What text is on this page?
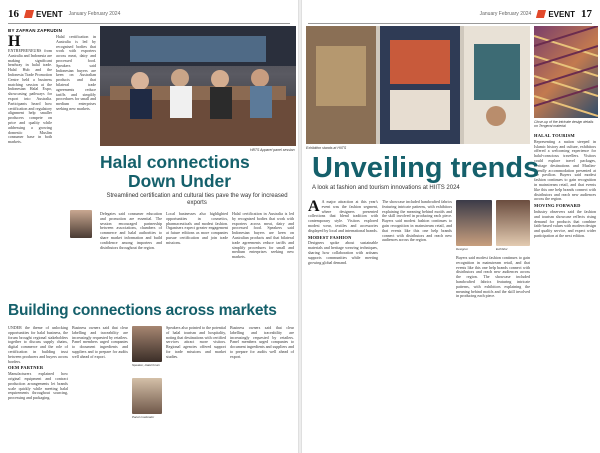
16 EVENT January February 2024
BY ZAFRAN ZAPRUDIN
H
ENTREPRENEURS from Australia and Indonesia are making significant headway in halal trade. Halal Hub and the Indonesia Trade Promotion Centre held a business matching session at the Indonesian Halal Expo, showcasing pathways for export into Australia. Participants heard how certification and regulatory alignment help smaller producers compete on price and quality while addressing a growing domestic Muslim consumer base in both markets.
Halal certification in Australia is led by recognised bodies that work with exporters across meat, dairy and processed food. Speakers said Indonesian buyers are keen on Australian products and that bilateral trade agreements reduce tariffs and simplify procedures for small and medium enterprises seeking new markets.
HBTS Apparel panel session
Halal connections
Down Under
Streamlined certification and cultural ties pave the way for increased exports
Delegates said consumer education and promotion are essential. The session encouraged partnership between associations, chambers of commerce and halal authorities to share market information and build confidence among importers and distributors throughout the region.
Local businesses also highlighted opportunities in cosmetics, pharmaceuticals and modest fashion. Organisers expect greater engagement at future editions as more companies pursue certification and join trade missions.
Halal certification in Australia is led by recognised bodies that work with exporters across meat, dairy and processed food. Speakers said Indonesian buyers are keen on Australian products and that bilateral trade agreements reduce tariffs and simplify procedures for small and medium enterprises seeking new markets.
Building connections across markets
UNDER the theme of unlocking opportunities for halal business, the forum brought regional stakeholders together to discuss supply chains, digital commerce and the role of certification in building trust between producers and buyers across borders.
OEM PARTNER
Manufacturers explained how original equipment and contract production arrangements let brands scale quickly while meeting halal requirements throughout sourcing, processing and packaging.
Business owners said that clear labelling and traceability are increasingly requested by retailers. Panel members urged companies to document ingredients and suppliers and to prepare for audits well ahead of export.
Speaker, Halal forum
Panel moderator
Speakers also pointed to the potential of halal tourism and hospitality, noting that destinations with certified services attract more visitors. Regional agencies offered support for trade missions and market studies.
Business owners said that clear labelling and traceability are increasingly requested by retailers. Panel members urged companies to document ingredients and suppliers and to prepare for audits well ahead of export.
January February 2024 EVENT 17
Exhibition stands at HIITS
Close-up of the intricate design details on Tengerai material
HALAL TOURISM
Representing a nation steeped in Islamic history and culture, exhibitors offered a welcoming experience for halal-conscious travellers. Visitors could explore travel packages, heritage destinations and Muslim-friendly accommodation presented at the pavilion. Buyers said modest fashion continues to gain recognition in mainstream retail, and that events like this one help brands connect with distributors and reach new audiences across the region.
MOVING FORWARD
Industry observers said the fashion and tourism showcase reflects rising demand for products that combine faith-based values with modern design and quality service, and expect wider participation at the next edition.
Unveiling trends
A look at fashion and tourism innovations at HIITS 2024
A A major attraction at this year's event was the fashion segment, where designers presented collections that blend tradition with contemporary style. Visitors explored modest wear, textiles and accessories displayed by local and international brands.
MODEST FASHION
Designers spoke about sustainable materials and heritage weaving techniques, sharing how collaboration with artisans supports communities while meeting growing global demand.
The showcase included handcrafted fabrics featuring intricate patterns, with exhibitors explaining the meaning behind motifs and the skill involved in producing each piece. Buyers said modest fashion continues to gain recognition in mainstream retail, and that events like this one help brands connect with distributors and reach new audiences across the region.
Designer
Buyers said modest fashion continues to gain recognition in mainstream retail, and that events like this one help brands connect with distributors and reach new audiences across the region. The showcase included handcrafted fabrics featuring intricate patterns, with exhibitors explaining the meaning behind motifs and the skill involved in producing each piece.
Exhibitor
